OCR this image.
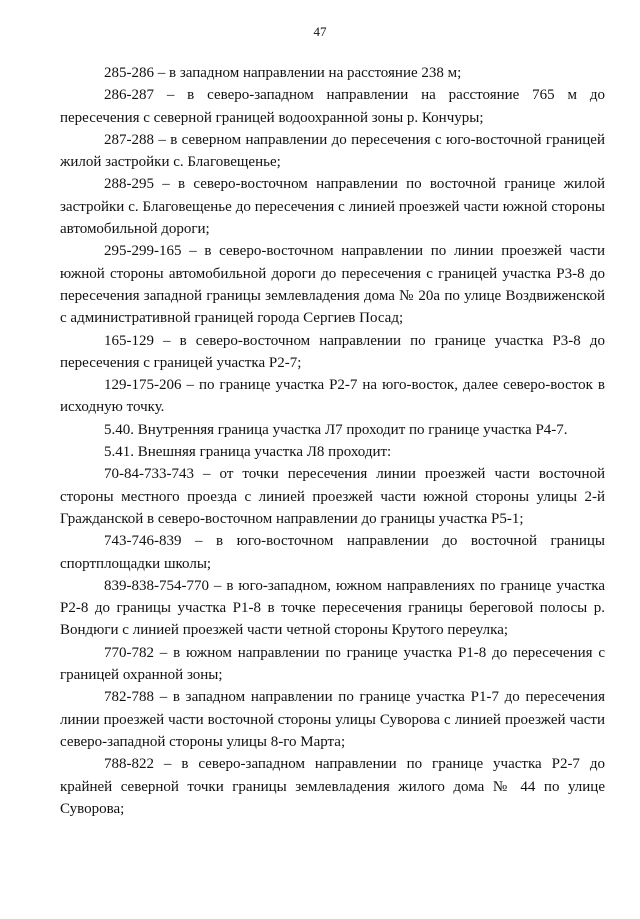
47

285-286 – в западном направлении на расстояние 238 м;

286-287 – в северо-западном направлении на расстояние 765 м до пересечения с северной границей водоохранной зоны р. Кончуры;

287-288 – в северном направлении до пересечения с юго-восточной границей жилой застройки с. Благовещенье;

288-295 – в северо-восточном направлении по восточной границе жилой застройки с. Благовещенье до пересечения с линией проезжей части южной стороны автомобильной дороги;

295-299-165 – в северо-восточном направлении по линии проезжей части южной стороны автомобильной дороги до пересечения с границей участка Р3-8 до пересечения западной границы землевладения дома № 20а по улице Воздвиженской с административной границей города Сергиев Посад;

165-129 – в северо-восточном направлении по границе участка Р3-8 до пересечения с границей участка Р2-7;

129-175-206 – по границе участка Р2-7 на юго-восток, далее северо-восток в исходную точку.

5.40. Внутренняя граница участка Л7 проходит по границе участка Р4-7.

5.41. Внешняя граница участка Л8 проходит:

70-84-733-743 – от точки пересечения линии проезжей части восточной стороны местного проезда с линией проезжей части южной стороны улицы 2-й Гражданской в северо-восточном направлении до границы участка Р5-1;

743-746-839 – в юго-восточном направлении до восточной границы спортплощадки школы;

839-838-754-770 – в юго-западном, южном направлениях по границе участка Р2-8 до границы участка Р1-8 в точке пересечения границы береговой полосы р. Вондюги с линией проезжей части четной стороны Крутого переулка;

770-782 – в южном направлении по границе участка Р1-8 до пересечения с границей охранной зоны;

782-788 – в западном направлении по границе участка Р1-7 до пересечения линии проезжей части восточной стороны улицы Суворова с линией проезжей части северо-западной стороны улицы 8-го Марта;

788-822 – в северо-западном направлении по границе участка Р2-7 до крайней северной точки границы землевладения жилого дома № 44 по улице Суворова;
